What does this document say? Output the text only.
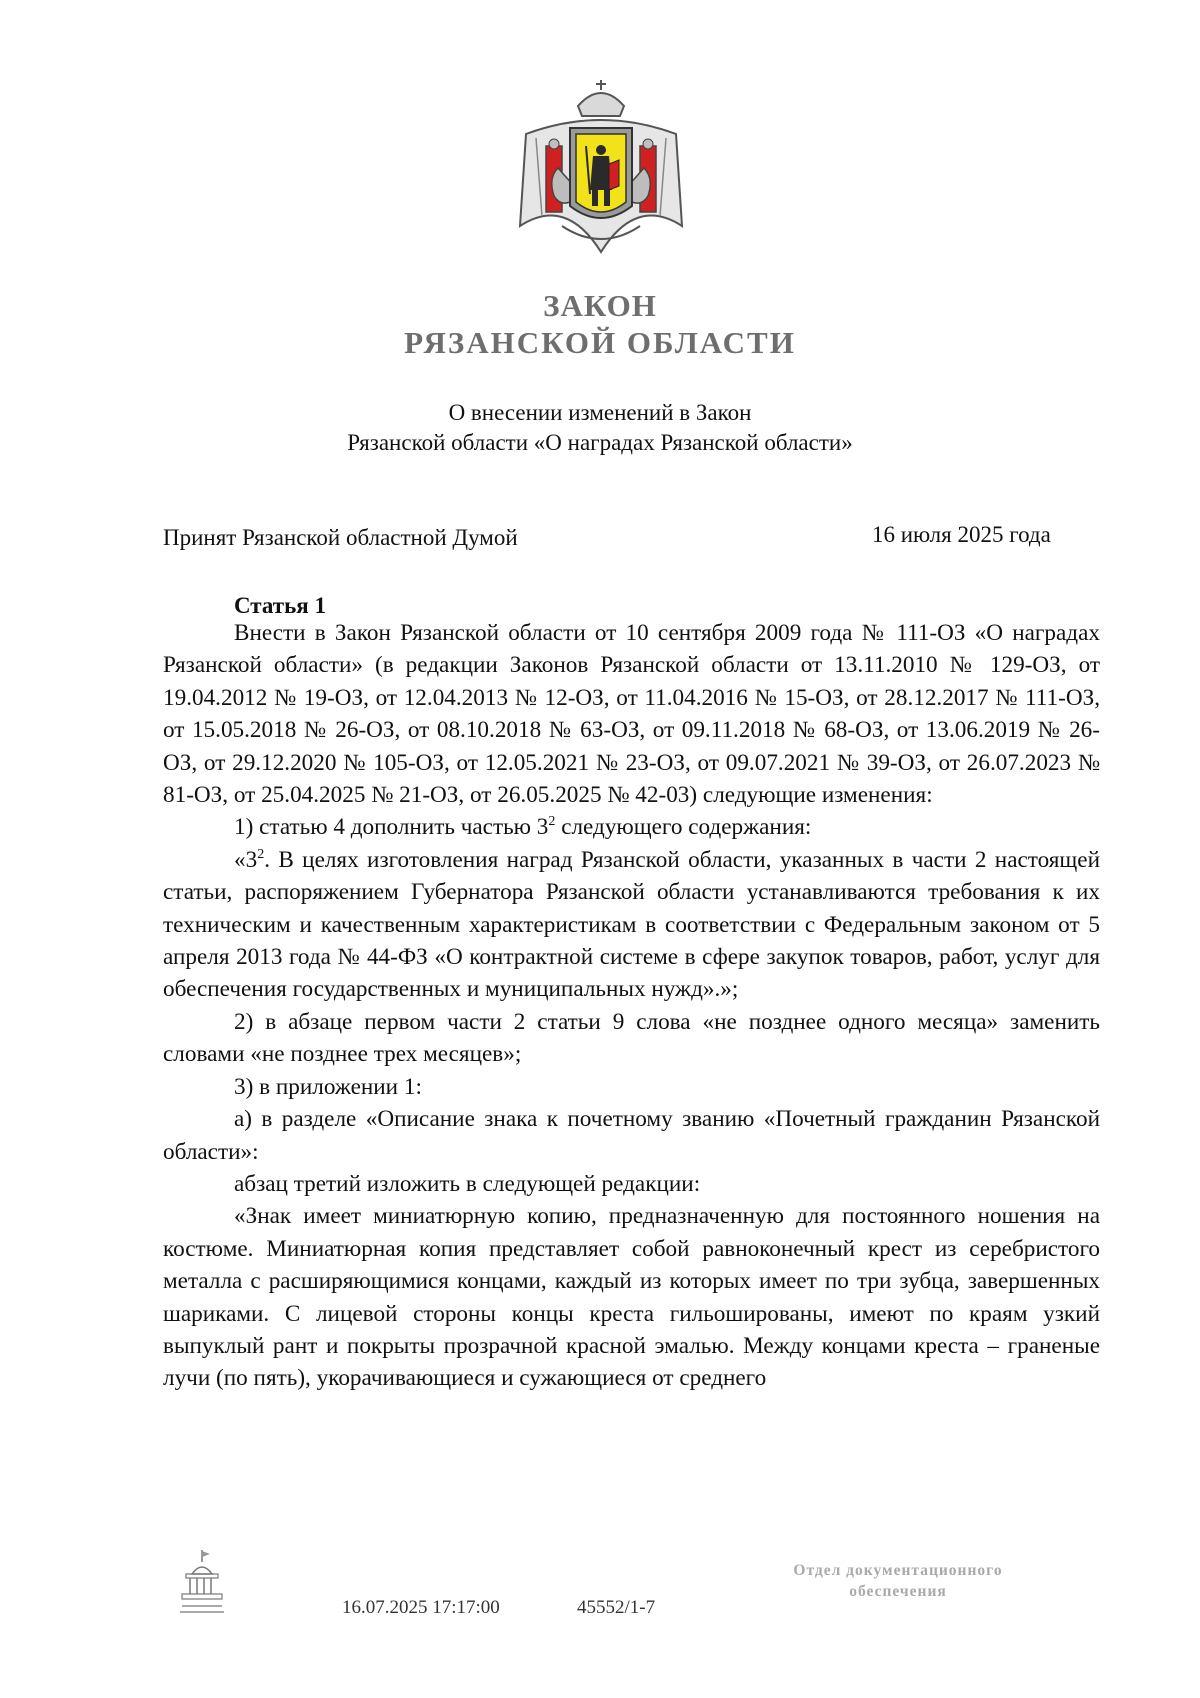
ЗАКОН
РЯЗАНСКОЙ ОБЛАСТИ
О внесении изменений в Закон
Рязанской области «О наградах Рязанской области»
Принят Рязанской областной Думой	16 июля 2025 года
Статья 1

Внести в Закон Рязанской области от 10 сентября 2009 года № 111-ОЗ «О наградах Рязанской области» (в редакции Законов Рязанской области от 13.11.2010 № 129-ОЗ, от 19.04.2012 № 19-ОЗ, от 12.04.2013 № 12-ОЗ, от 11.04.2016 № 15-ОЗ, от 28.12.2017 № 111-ОЗ, от 15.05.2018 № 26-ОЗ, от 08.10.2018 № 63-ОЗ, от 09.11.2018 № 68-ОЗ, от 13.06.2019 № 26-ОЗ, от 29.12.2020 № 105-ОЗ, от 12.05.2021 № 23-ОЗ, от 09.07.2021 № 39-ОЗ, от 26.07.2023 № 81-ОЗ, от 25.04.2025 № 21-ОЗ, от 26.05.2025 № 42-03) следующие изменения:

1) статью 4 дополнить частью $3^2$ следующего содержания:

«$3^2$. В целях изготовления наград Рязанской области, указанных в части 2 настоящей статьи, распоряжением Губернатора Рязанской области устанавливаются требования к их техническим и качественным характеристикам в соответствии с Федеральным законом от 5 апреля 2013 года № 44-ФЗ «О контрактной системе в сфере закупок товаров, работ, услуг для обеспечения государственных и муниципальных нужд».»;

2) в абзаце первом части 2 статьи 9 слова «не позднее одного месяца» заменить словами «не позднее трех месяцев»;

3) в приложении 1:

а) в разделе «Описание знака к почетному званию «Почетный гражданин Рязанской области»:

абзац третий изложить в следующей редакции:

«Знак имеет миниатюрную копию, предназначенную для постоянного ношения на костюме. Миниатюрная копия представляет собой равноконечный крест из серебристого металла с расширяющимися концами, каждый из которых имеет по три зубца, завершенных шариками. С лицевой стороны концы креста гильошированы, имеют по краям узкий выпуклый рант и покрыты прозрачной красной эмалью. Между концами креста – граненые лучи (по пять), укорачивающиеся и сужающиеся от среднего

16.07.2025 17:17:00	45552/1-7
Отдел документационного
обеспечения
